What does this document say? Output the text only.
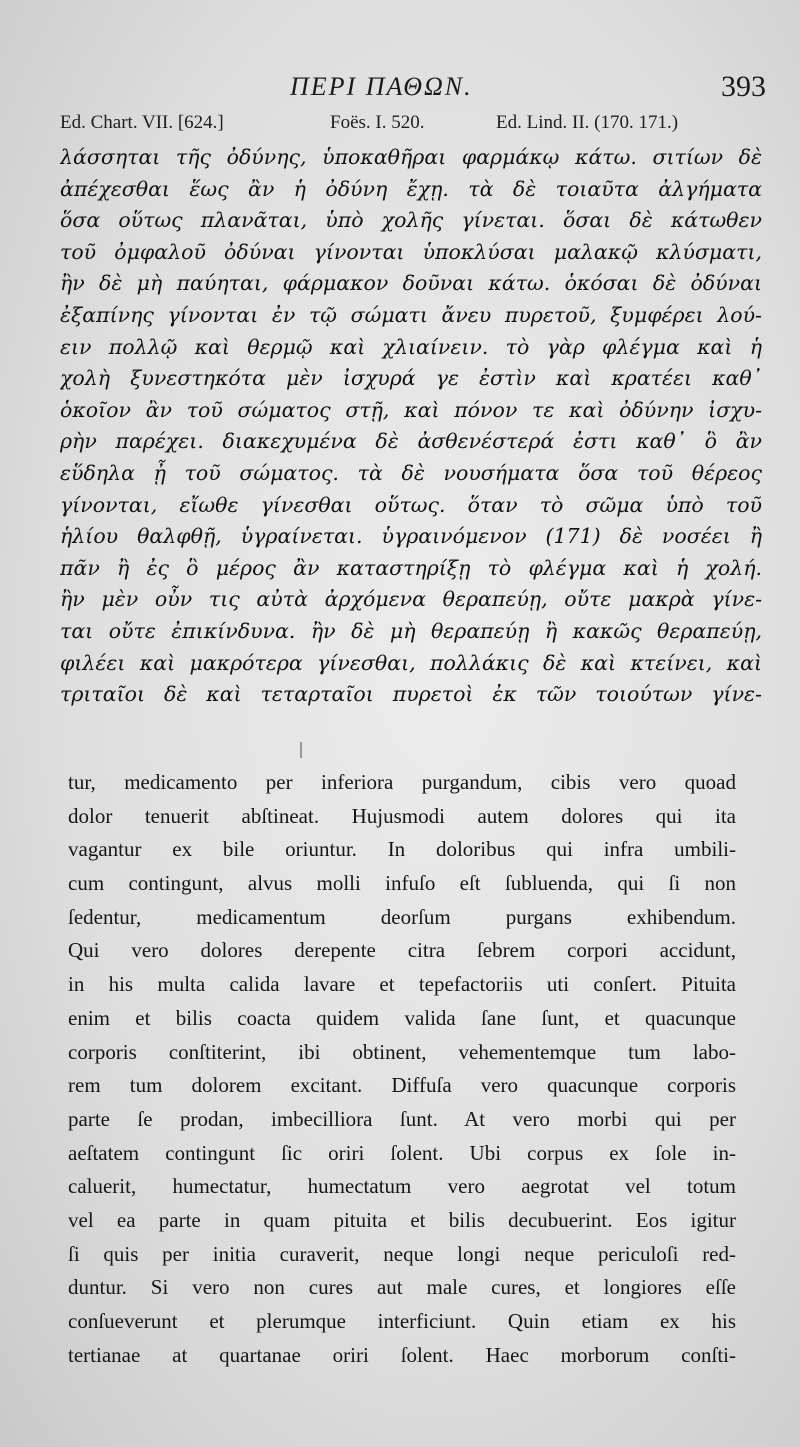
ΠΕΡΙ ΠΑΘΩΝ.	393
Ed. Chart. VII. [624.]	Foës. I. 520.	Ed. Lind. II. (170. 171.)
λάσσηται τῆς ὀδύνης, ὑποκαθῆραι φαρμάκῳ κάτω. σιτίων δὲ
ἀπέχεσθαι ἕως ἂν ἡ ὀδύνη ἔχῃ. τὰ δὲ τοιαῦτα ἀλγήματα
ὅσα οὕτως πλανᾶται, ὑπὸ χολῆς γίνεται. ὅσαι δὲ κάτωθεν
τοῦ ὀμφαλοῦ ὀδύναι γίνονται ὑποκλύσαι μαλακῷ κλύσματι,
ἢν δὲ μὴ παύηται, φάρμακον δοῦναι κάτω. ὁκόσαι δὲ ὀδύναι
ἐξαπίνης γίνονται ἐν τῷ σώματι ἄνευ πυρετοῦ, ξυμφέρει λού-
ειν πολλῷ καὶ θερμῷ καὶ χλιαίνειν. τὸ γὰρ φλέγμα καὶ ἡ
χολὴ ξυνεστηκότα μὲν ἰσχυρά γε ἐστὶν καὶ κρατέει καθ᾽
ὁκοῖον ἂν τοῦ σώματος στῇ, καὶ πόνον τε καὶ ὀδύνην ἰσχυ-
ρὴν παρέχει. διακεχυμένα δὲ ἀσθενέστερά ἐστι καθ᾽ ὃ ἂν
εὕδηλα ᾖ τοῦ σώματος. τὰ δὲ νουσήματα ὅσα τοῦ θέρεος
γίνονται, εἴωθε γίνεσθαι οὕτως. ὅταν τὸ σῶμα ὑπὸ τοῦ
ἡλίου θαλφθῇ, ὑγραίνεται. ὑγραινόμενον (171) δὲ νοσέει ἢ
πᾶν ἢ ἐς ὃ μέρος ἂν καταστηρίξῃ τὸ φλέγμα καὶ ἡ χολή.
ἢν μὲν οὖν τις αὐτὰ ἀρχόμενα θεραπεύῃ, οὔτε μακρὰ γίνε-
ται οὔτε ἐπικίνδυνα. ἢν δὲ μὴ θεραπεύῃ ἢ κακῶς θεραπεύῃ,
φιλέει καὶ μακρότερα γίνεσθαι, πολλάκις δὲ καὶ κτείνει, καὶ
τριταῖοι δὲ καὶ τεταρταῖοι πυρετοὶ ἐκ τῶν τοιούτων γίνε-
tur, medicamento per inferiora purgandum, cibis vero quoad
dolor tenuerit abſtineat. Hujusmodi autem dolores qui ita
vagantur ex bile oriuntur. In doloribus qui infra umbili-
cum contingunt, alvus molli infuſo eſt ſubluenda, qui ſi non
ſedentur, medicamentum deorſum purgans exhibendum.
Qui vero dolores derepente citra ſebrem corpori accidunt,
in his multa calida lavare et tepefactoriis uti conſert. Pituita
enim et bilis coacta quidem valida ſane ſunt, et quacunque
corporis conſtiterint, ibi obtinent, vehementemque tum labo-
rem tum dolorem excitant. Diffuſa vero quacunque corporis
parte ſe prodan, imbecilliora ſunt. At vero morbi qui per
aeſtatem contingunt ſic oriri ſolent. Ubi corpus ex ſole in-
caluerit, humectatur, humectatum vero aegrotat vel totum
vel ea parte in quam pituita et bilis decubuerint. Eos igitur
ſi quis per initia curaverit, neque longi neque periculoſi red-
duntur. Si vero non cures aut male cures, et longiores eſſe
conſueverunt et plerumque interficiunt. Quin etiam ex his
tertianae at quartanae oriri ſolent. Haec morborum conſti-
